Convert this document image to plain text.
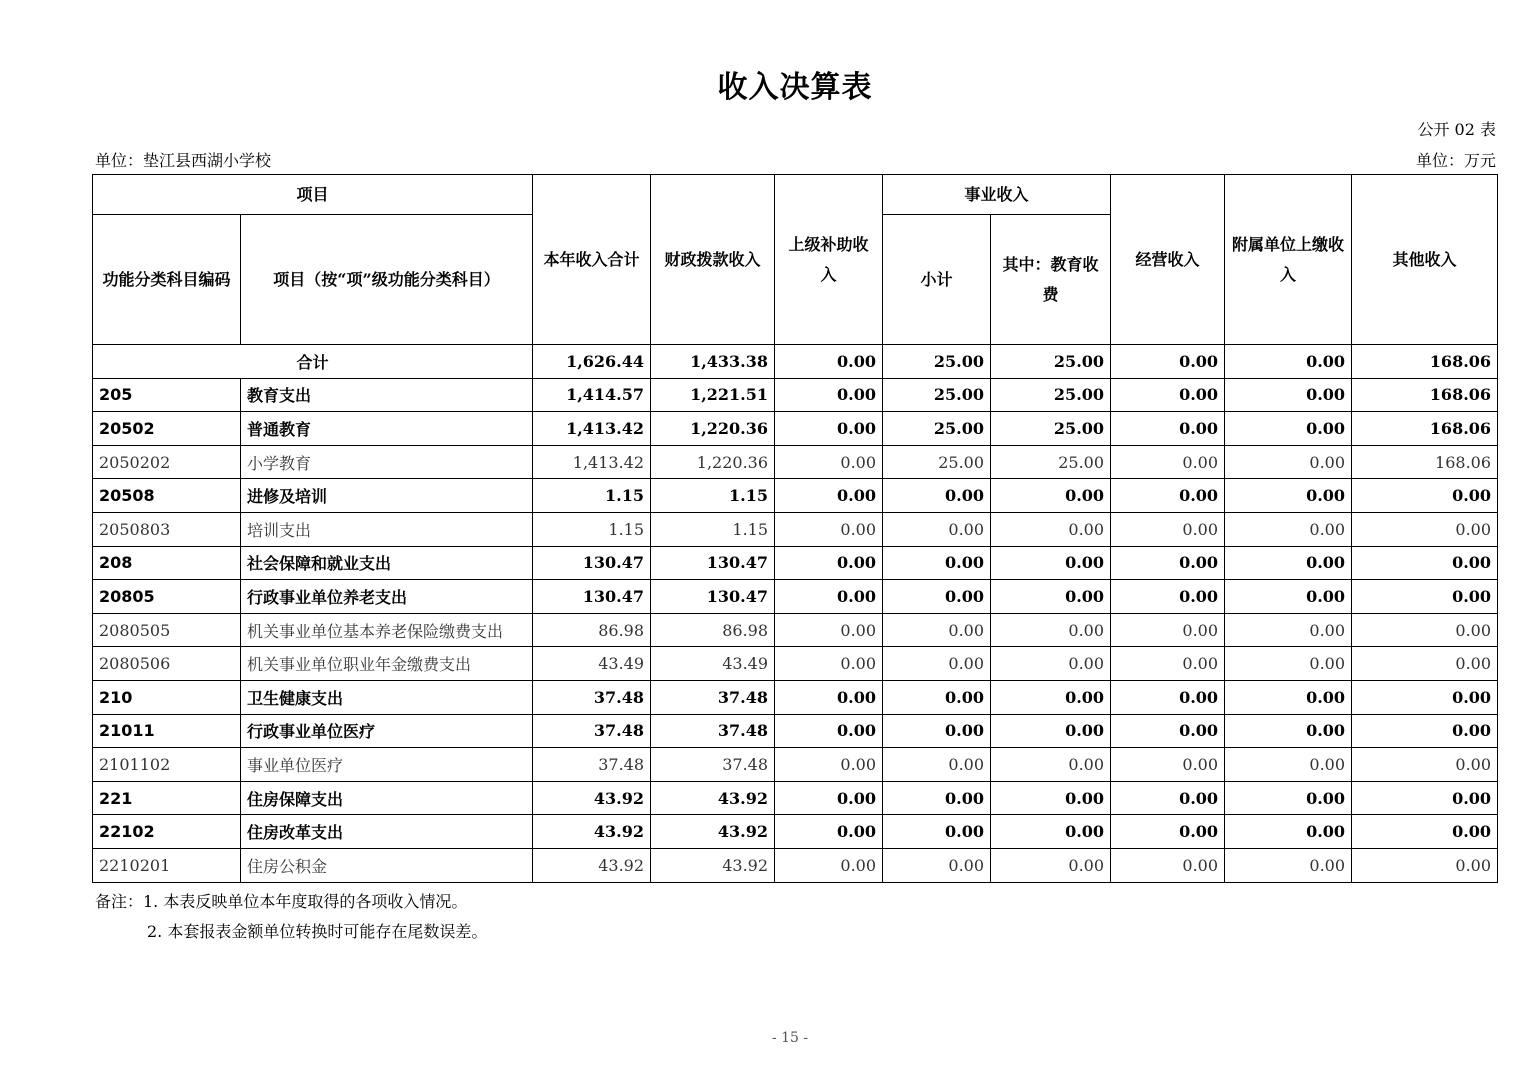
收入决算表
公开 02 表
单位：垫江县西湖小学校	单位：万元
项目		本年收入合计	财政拨款收入	上级补助收入	事业收入		经营收入	附属单位上缴收入	其他收入
功能分类科目编码	项目（按“项”级功能分类科目）				小计	其中：教育收费			
合计		1,626.44	1,433.38	0.00	25.00	25.00	0.00	0.00	168.06
205	教育支出	1,414.57	1,221.51	0.00	25.00	25.00	0.00	0.00	168.06
20502	普通教育	1,413.42	1,220.36	0.00	25.00	25.00	0.00	0.00	168.06
2050202	小学教育	1,413.42	1,220.36	0.00	25.00	25.00	0.00	0.00	168.06
20508	进修及培训	1.15	1.15	0.00	0.00	0.00	0.00	0.00	0.00
2050803	培训支出	1.15	1.15	0.00	0.00	0.00	0.00	0.00	0.00
208	社会保障和就业支出	130.47	130.47	0.00	0.00	0.00	0.00	0.00	0.00
20805	行政事业单位养老支出	130.47	130.47	0.00	0.00	0.00	0.00	0.00	0.00
2080505	机关事业单位基本养老保险缴费支出	86.98	86.98	0.00	0.00	0.00	0.00	0.00	0.00
2080506	机关事业单位职业年金缴费支出	43.49	43.49	0.00	0.00	0.00	0.00	0.00	0.00
210	卫生健康支出	37.48	37.48	0.00	0.00	0.00	0.00	0.00	0.00
21011	行政事业单位医疗	37.48	37.48	0.00	0.00	0.00	0.00	0.00	0.00
2101102	事业单位医疗	37.48	37.48	0.00	0.00	0.00	0.00	0.00	0.00
221	住房保障支出	43.92	43.92	0.00	0.00	0.00	0.00	0.00	0.00
22102	住房改革支出	43.92	43.92	0.00	0.00	0.00	0.00	0.00	0.00
2210201	住房公积金	43.92	43.92	0.00	0.00	0.00	0.00	0.00	0.00
备注：1. 本表反映单位本年度取得的各项收入情况。
2. 本套报表金额单位转换时可能存在尾数误差。
- 15 -
